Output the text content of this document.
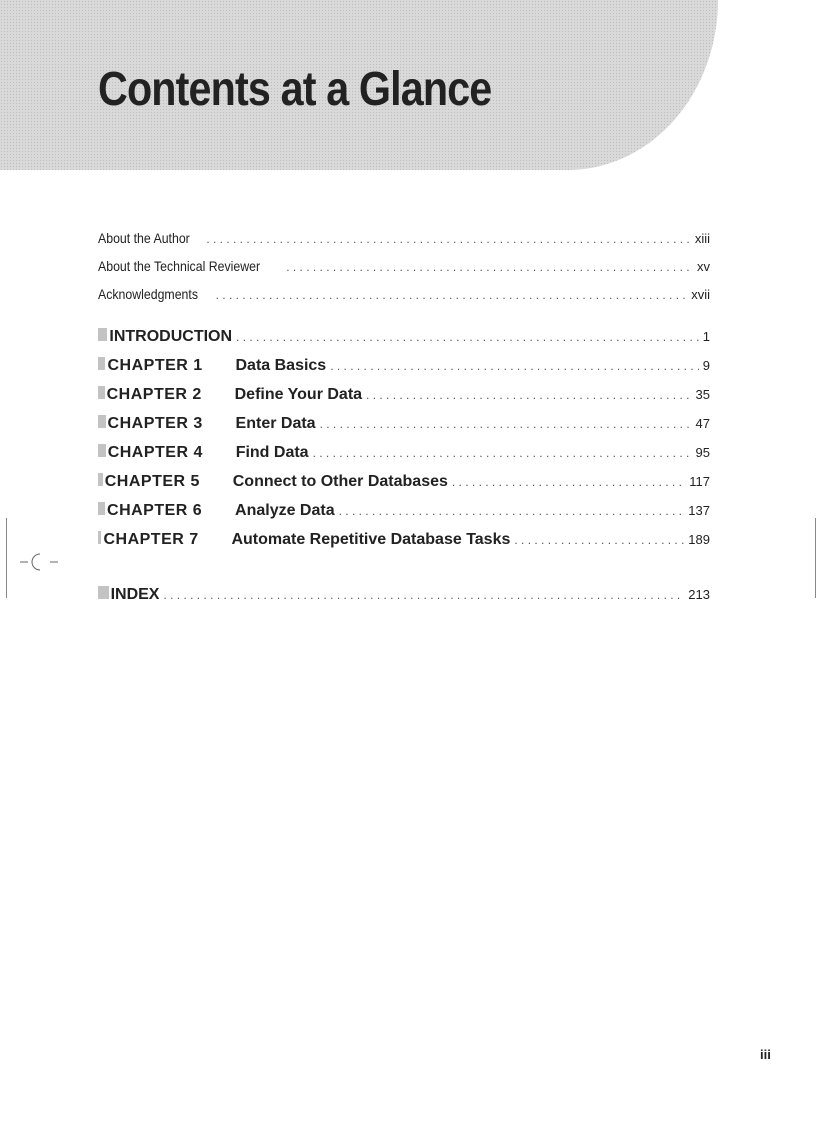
Contents at a Glance
About the Author . . .	xiii
About the Technical Reviewer . . .	xv
Acknowledgments . . .	xvii
INTRODUCTION . . .	1
CHAPTER 1	Data Basics . . .	9
CHAPTER 2	Define Your Data . . .	35
CHAPTER 3	Enter Data . . .	47
CHAPTER 4	Find Data . . .	95
CHAPTER 5	Connect to Other Databases . . .	117
CHAPTER 6	Analyze Data . . .	137
CHAPTER 7	Automate Repetitive Database Tasks . . .	189
INDEX . . .	213
iii
